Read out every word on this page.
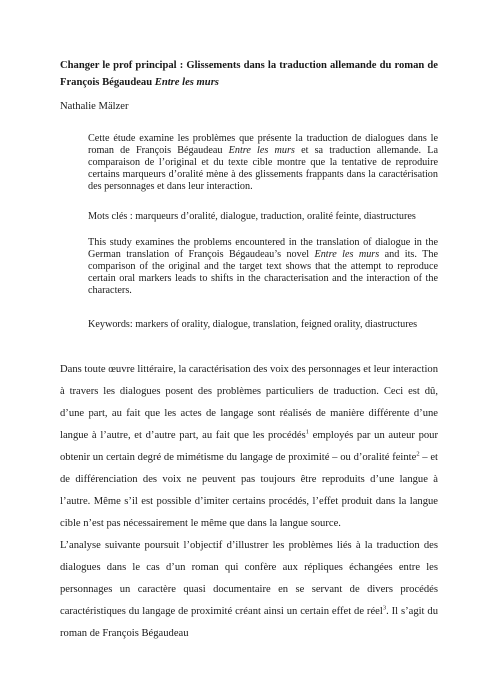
Changer le prof principal : Glissements dans la traduction allemande du roman de François Bégaudeau Entre les murs
Nathalie Mälzer

Cette étude examine les problèmes que présente la traduction de dialogues dans le roman de François Bégaudeau Entre les murs et sa traduction allemande. La comparaison de l’original et du texte cible montre que la tentative de reproduire certains marqueurs d’oralité mène à des glissements frappants dans la caractérisation des personnages et dans leur interaction.

Mots clés : marqueurs d’oralité, dialogue, traduction, oralité feinte, diastructures

This study examines the problems encountered in the translation of dialogue in the German translation of François Bégaudeau’s novel Entre les murs and its. The comparison of the original and the target text shows that the attempt to reproduce certain oral markers leads to shifts in the characterisation and the interaction of the characters.

Keywords: markers of orality, dialogue, translation, feigned orality, diastructures

Dans toute œuvre littéraire, la caractérisation des voix des personnages et leur interaction à travers les dialogues posent des problèmes particuliers de traduction. Ceci est dû, d’une part, au fait que les actes de langage sont réalisés de manière différente d’une langue à l’autre, et d’autre part, au fait que les procédés$^1$ employés par un auteur pour obtenir un certain degré de mimétisme du langage de proximité – ou d’oralité feinte$^2$ – et de différenciation des voix ne peuvent pas toujours être reproduits d’une langue à l’autre. Même s’il est possible d’imiter certains procédés, l’effet produit dans la langue cible n’est pas nécessairement le même que dans la langue source.

L’analyse suivante poursuit l’objectif d’illustrer les problèmes liés à la traduction des dialogues dans le cas d’un roman qui confère aux répliques échangées entre les personnages un caractère quasi documentaire en se servant de divers procédés caractéristiques du langage de proximité créant ainsi un certain effet de réel$^3$. Il s’agit du roman de François Bégaudeau
